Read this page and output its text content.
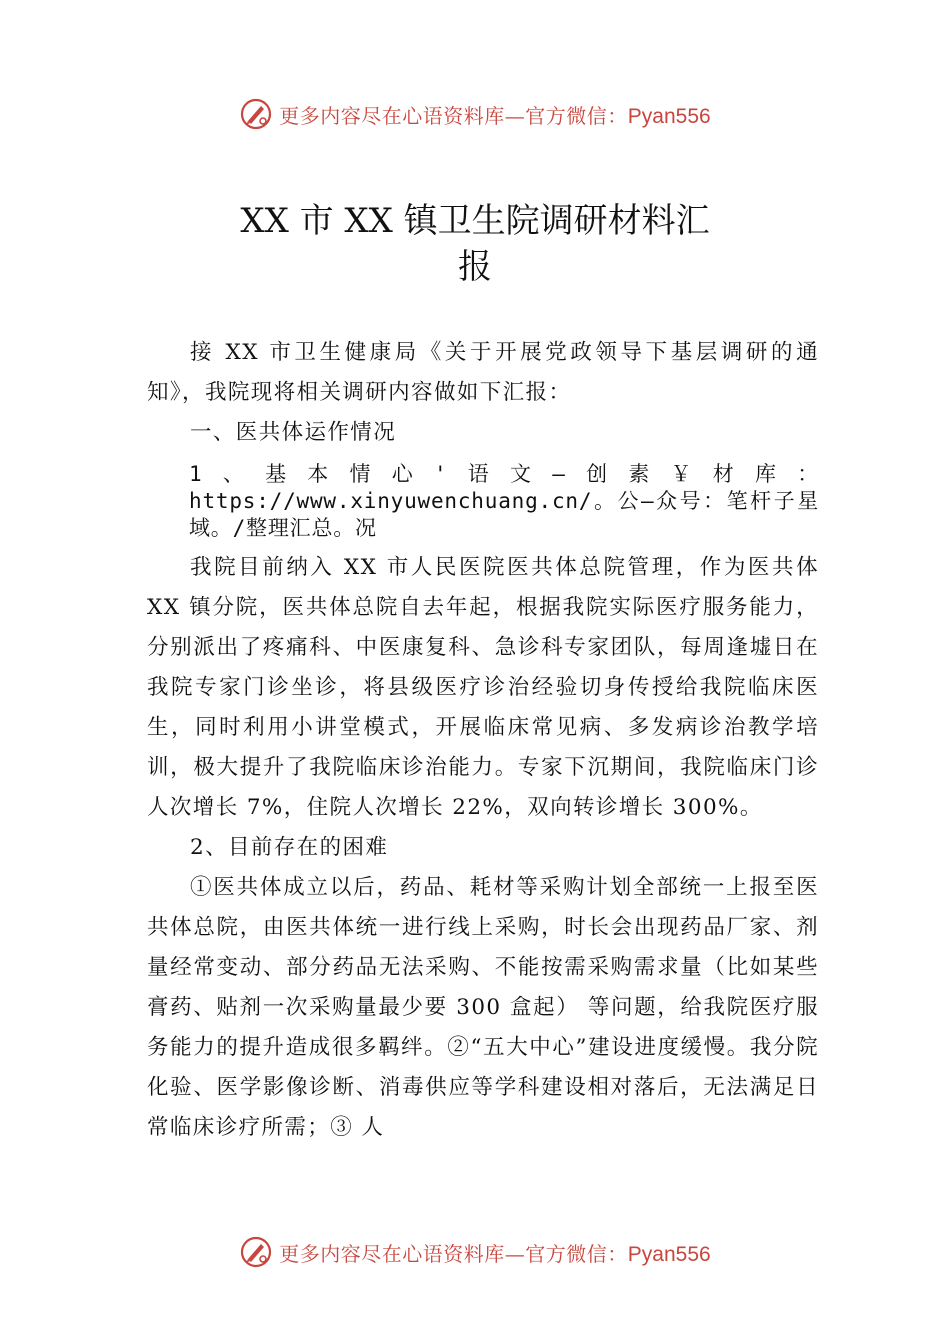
更多内容尽在心语资料库—官方微信：Pyan556
XX 市 XX 镇卫生院调研材料汇
报

接 XX 市卫生健康局《关于开展党政领导下基层调研的通知》，我院现将相关调研内容做如下汇报：

一、医共体运作情况

1、基本情心'语文—创素￥材库：https://www.xinyuwenchuang.cn/。公—众号：笔杆子星域。/整理汇总。况

我院目前纳入 XX 市人民医院医共体总院管理，作为医共体 XX 镇分院，医共体总院自去年起，根据我院实际医疗服务能力，分别派出了疼痛科、中医康复科、急诊科专家团队，每周逢墟日在我院专家门诊坐诊，将县级医疗诊治经验切身传授给我院临床医生，同时利用小讲堂模式，开展临床常见病、多发病诊治教学培训，极大提升了我院临床诊治能力。专家下沉期间，我院临床门诊人次增长 7%，住院人次增长 22%，双向转诊增长 300%。

2、目前存在的困难

①医共体成立以后，药品、耗材等采购计划全部统一上报至医共体总院，由医共体统一进行线上采购，时长会出现药品厂家、剂量经常变动、部分药品无法采购、不能按需采购需求量（比如某些膏药、贴剂一次采购量最少要 300 盒起） 等问题，给我院医疗服务能力的提升造成很多羁绊。②“五大中心”建设进度缓慢。我分院化验、医学影像诊断、消毒供应等学科建设相对落后，无法满足日常临床诊疗所需；③ 人

更多内容尽在心语资料库—官方微信：Pyan556
